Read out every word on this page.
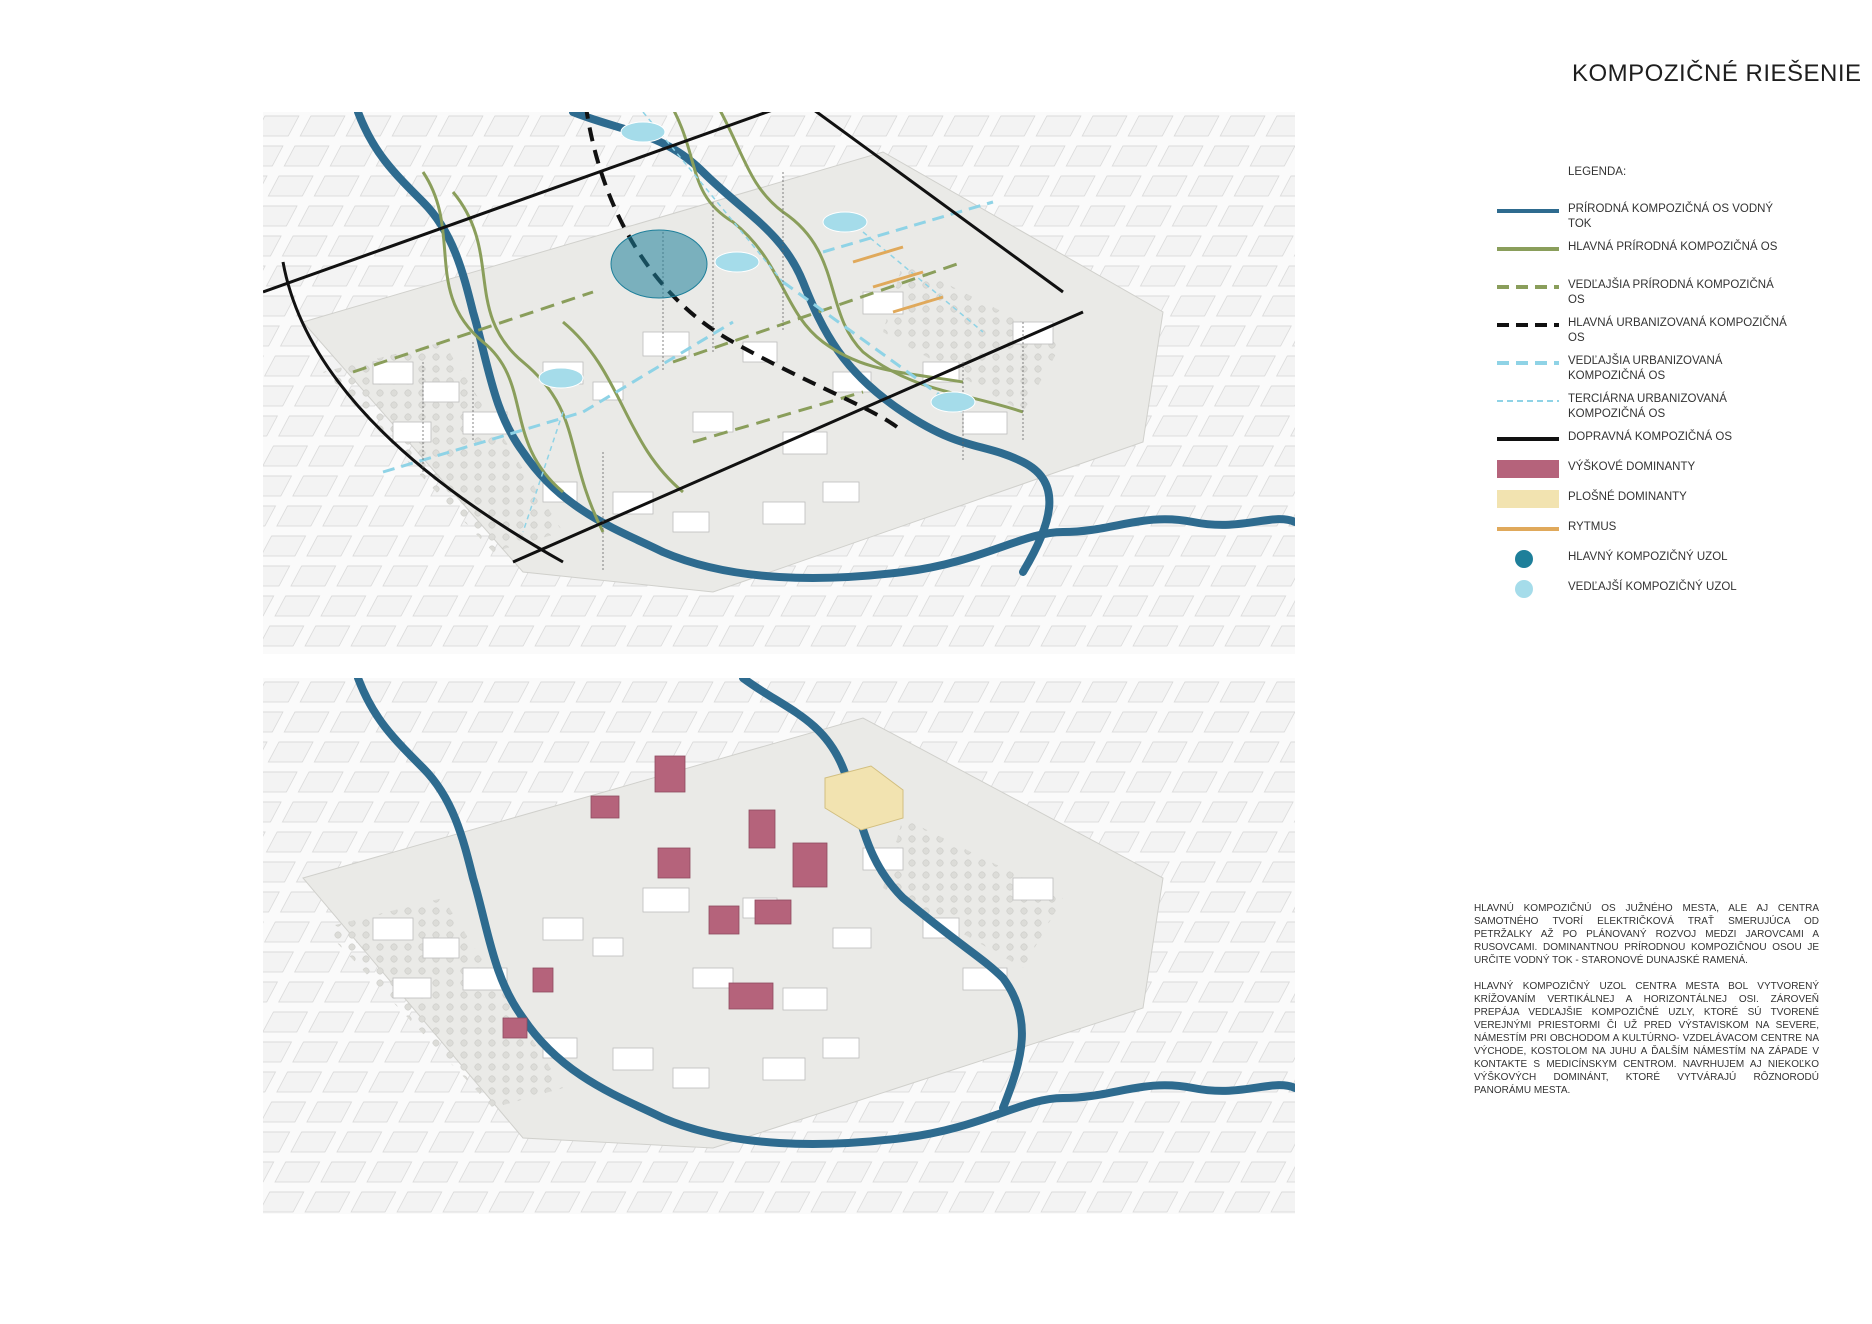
KOMPOZIČNÉ RIEŠENIE
LEGENDA:
PRÍRODNÁ KOMPOZIČNÁ OS VODNÝ TOK
HLAVNÁ PRÍRODNÁ KOMPOZIČNÁ OS
VEDĽAJŠIA PRÍRODNÁ KOMPOZIČNÁ OS
HLAVNÁ URBANIZOVANÁ KOMPOZIČNÁ OS
VEDĽAJŠIA URBANIZOVANÁ KOMPOZIČNÁ OS
TERCIÁRNA URBANIZOVANÁ KOMPOZIČNÁ OS
DOPRAVNÁ KOMPOZIČNÁ OS
VÝŠKOVÉ DOMINANTY
PLOŠNÉ DOMINANTY
RYTMUS
HLAVNÝ KOMPOZIČNÝ UZOL
VEDĽAJŠÍ KOMPOZIČNÝ UZOL

HLAVNÚ KOMPOZIČNÚ OS JUŽNÉHO MESTA, ALE AJ CENTRA SAMOTNÉHO TVORÍ ELEKTRIČKOVÁ TRAŤ SMERUJÚCA OD PETRŽALKY AŽ PO PLÁNOVANÝ ROZVOJ MEDZI JAROVCAMI A RUSOVCAMI. DOMINANTNOU PRÍRODNOU KOMPOZIČNOU OSOU JE URČITE VODNÝ TOK - STARONOVÉ DUNAJSKÉ RAMENÁ.

HLAVNÝ KOMPOZIČNÝ UZOL CENTRA MESTA BOL VYTVORENÝ KRÍŽOVANÍM VERTIKÁLNEJ A HORIZONTÁLNEJ OSI. ZÁROVEŇ PREPÁJA VEDĽAJŠIE KOMPOZIČNÉ UZLY, KTORÉ SÚ TVORENÉ VEREJNÝMI PRIESTORMI ČI UŽ PRED VÝSTAVISKOM NA SEVERE, NÁMESTÍM PRI OBCHODOM A KULTÚRNO- VZDELÁVACOM CENTRE NA VÝCHODE, KOSTOLOM NA JUHU A ĎALŠÍM NÁMESTÍM NA ZÁPADE V KONTAKTE S MEDICÍNSKYM CENTROM. NAVRHUJEM AJ NIEKOĽKO VÝŠKOVÝCH DOMINÁNT, KTORÉ VYTVÁRAJÚ RÔZNORODÚ PANORÁMU MESTA.
